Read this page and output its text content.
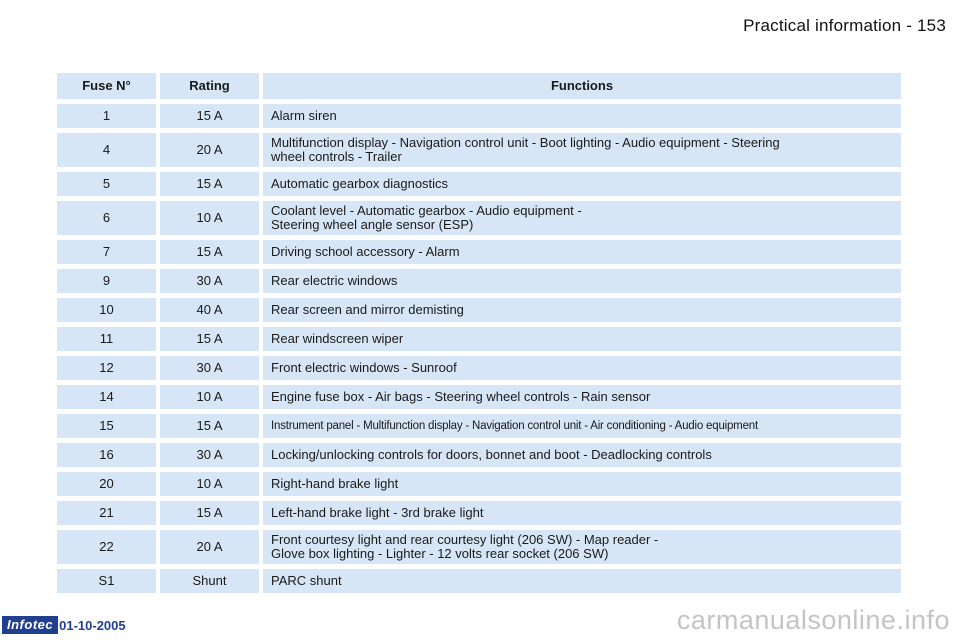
Practical information - 153
Fuse N°	Rating	Functions
1	15 A	Alarm siren
4	20 A	Multifunction display - Navigation control unit - Boot lighting - Audio equipment - Steering
wheel controls - Trailer
5	15 A	Automatic gearbox diagnostics
6	10 A	Coolant level - Automatic gearbox - Audio equipment -
Steering wheel angle sensor (ESP)
7	15 A	Driving school accessory - Alarm
9	30 A	Rear electric windows
10	40 A	Rear screen and mirror demisting
11	15 A	Rear windscreen wiper
12	30 A	Front electric windows - Sunroof
14	10 A	Engine fuse box - Air bags - Steering wheel controls - Rain sensor
15	15 A	Instrument panel - Multifunction display - Navigation control unit - Air conditioning - Audio equipment
16	30 A	Locking/unlocking controls for doors, bonnet and boot - Deadlocking controls
20	10 A	Right-hand brake light
21	15 A	Left-hand brake light - 3rd brake light
22	20 A	Front courtesy light and rear courtesy light (206 SW) - Map reader -
Glove box lighting - Lighter - 12 volts rear socket (206 SW)
S1	Shunt	PARC shunt
Infotec 01-10-2005	carmanualsonline.info
